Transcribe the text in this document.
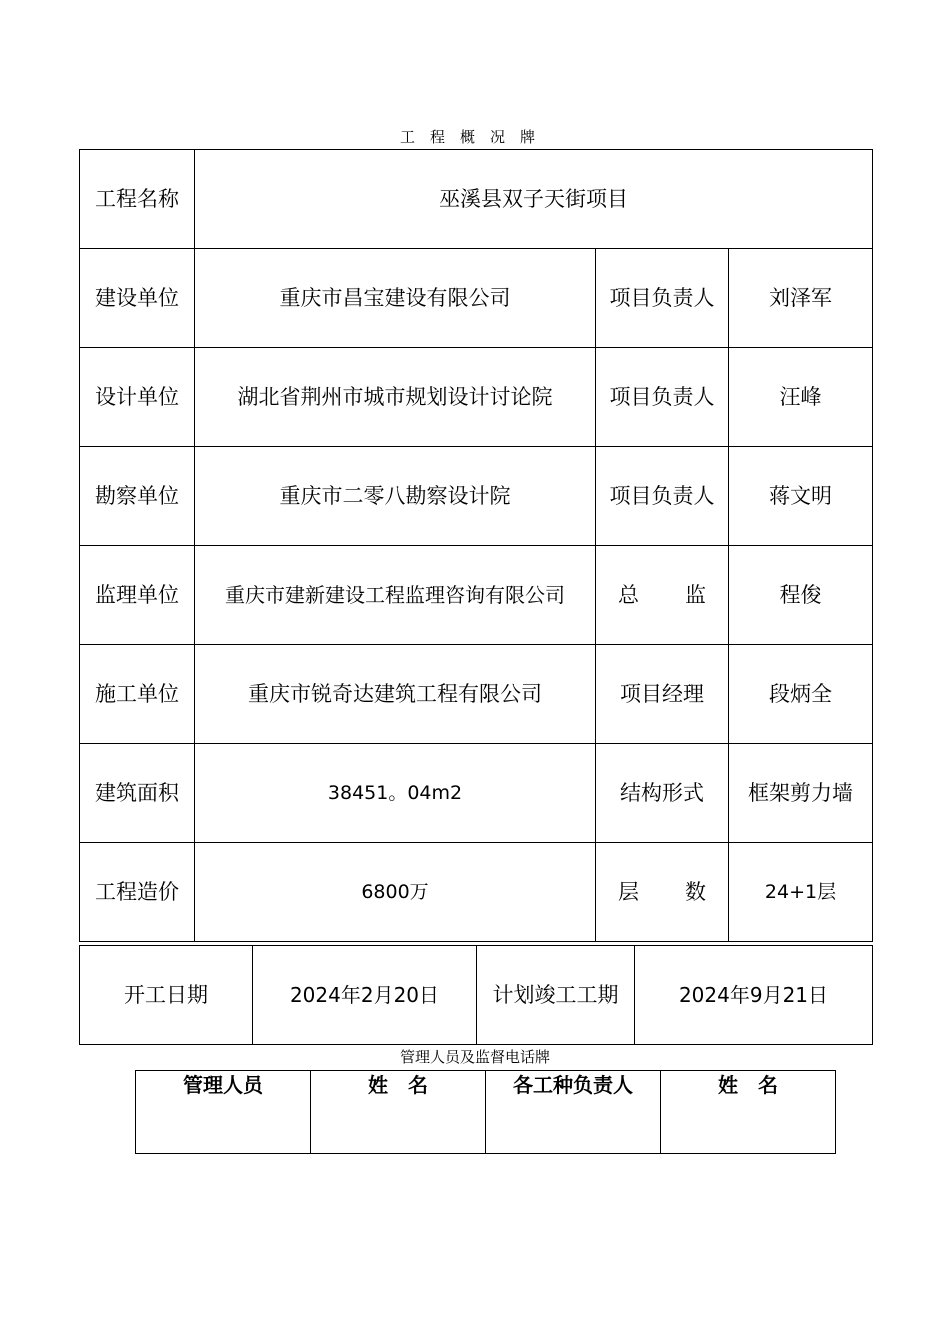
工程概况牌
工程名称	巫溪县双子天街项目
建设单位	重庆市昌宝建设有限公司	项目负责人	刘泽军
设计单位	湖北省荆州市城市规划设计讨论院	项目负责人	汪峰
勘察单位	重庆市二零八勘察设计院	项目负责人	蒋文明
监理单位	重庆市建新建设工程监理咨询有限公司	总 监	程俊
施工单位	重庆市锐奇达建筑工程有限公司	项目经理	段炳全
建筑面积	38451。04m2	结构形式	框架剪力墙
工程造价	6800万	层 数	24+1层
开工日期	2024年2月20日	计划竣工工期	2024年9月21日
管理人员及监督电话牌
管理人员	姓　名	各工种负责人	姓　名
